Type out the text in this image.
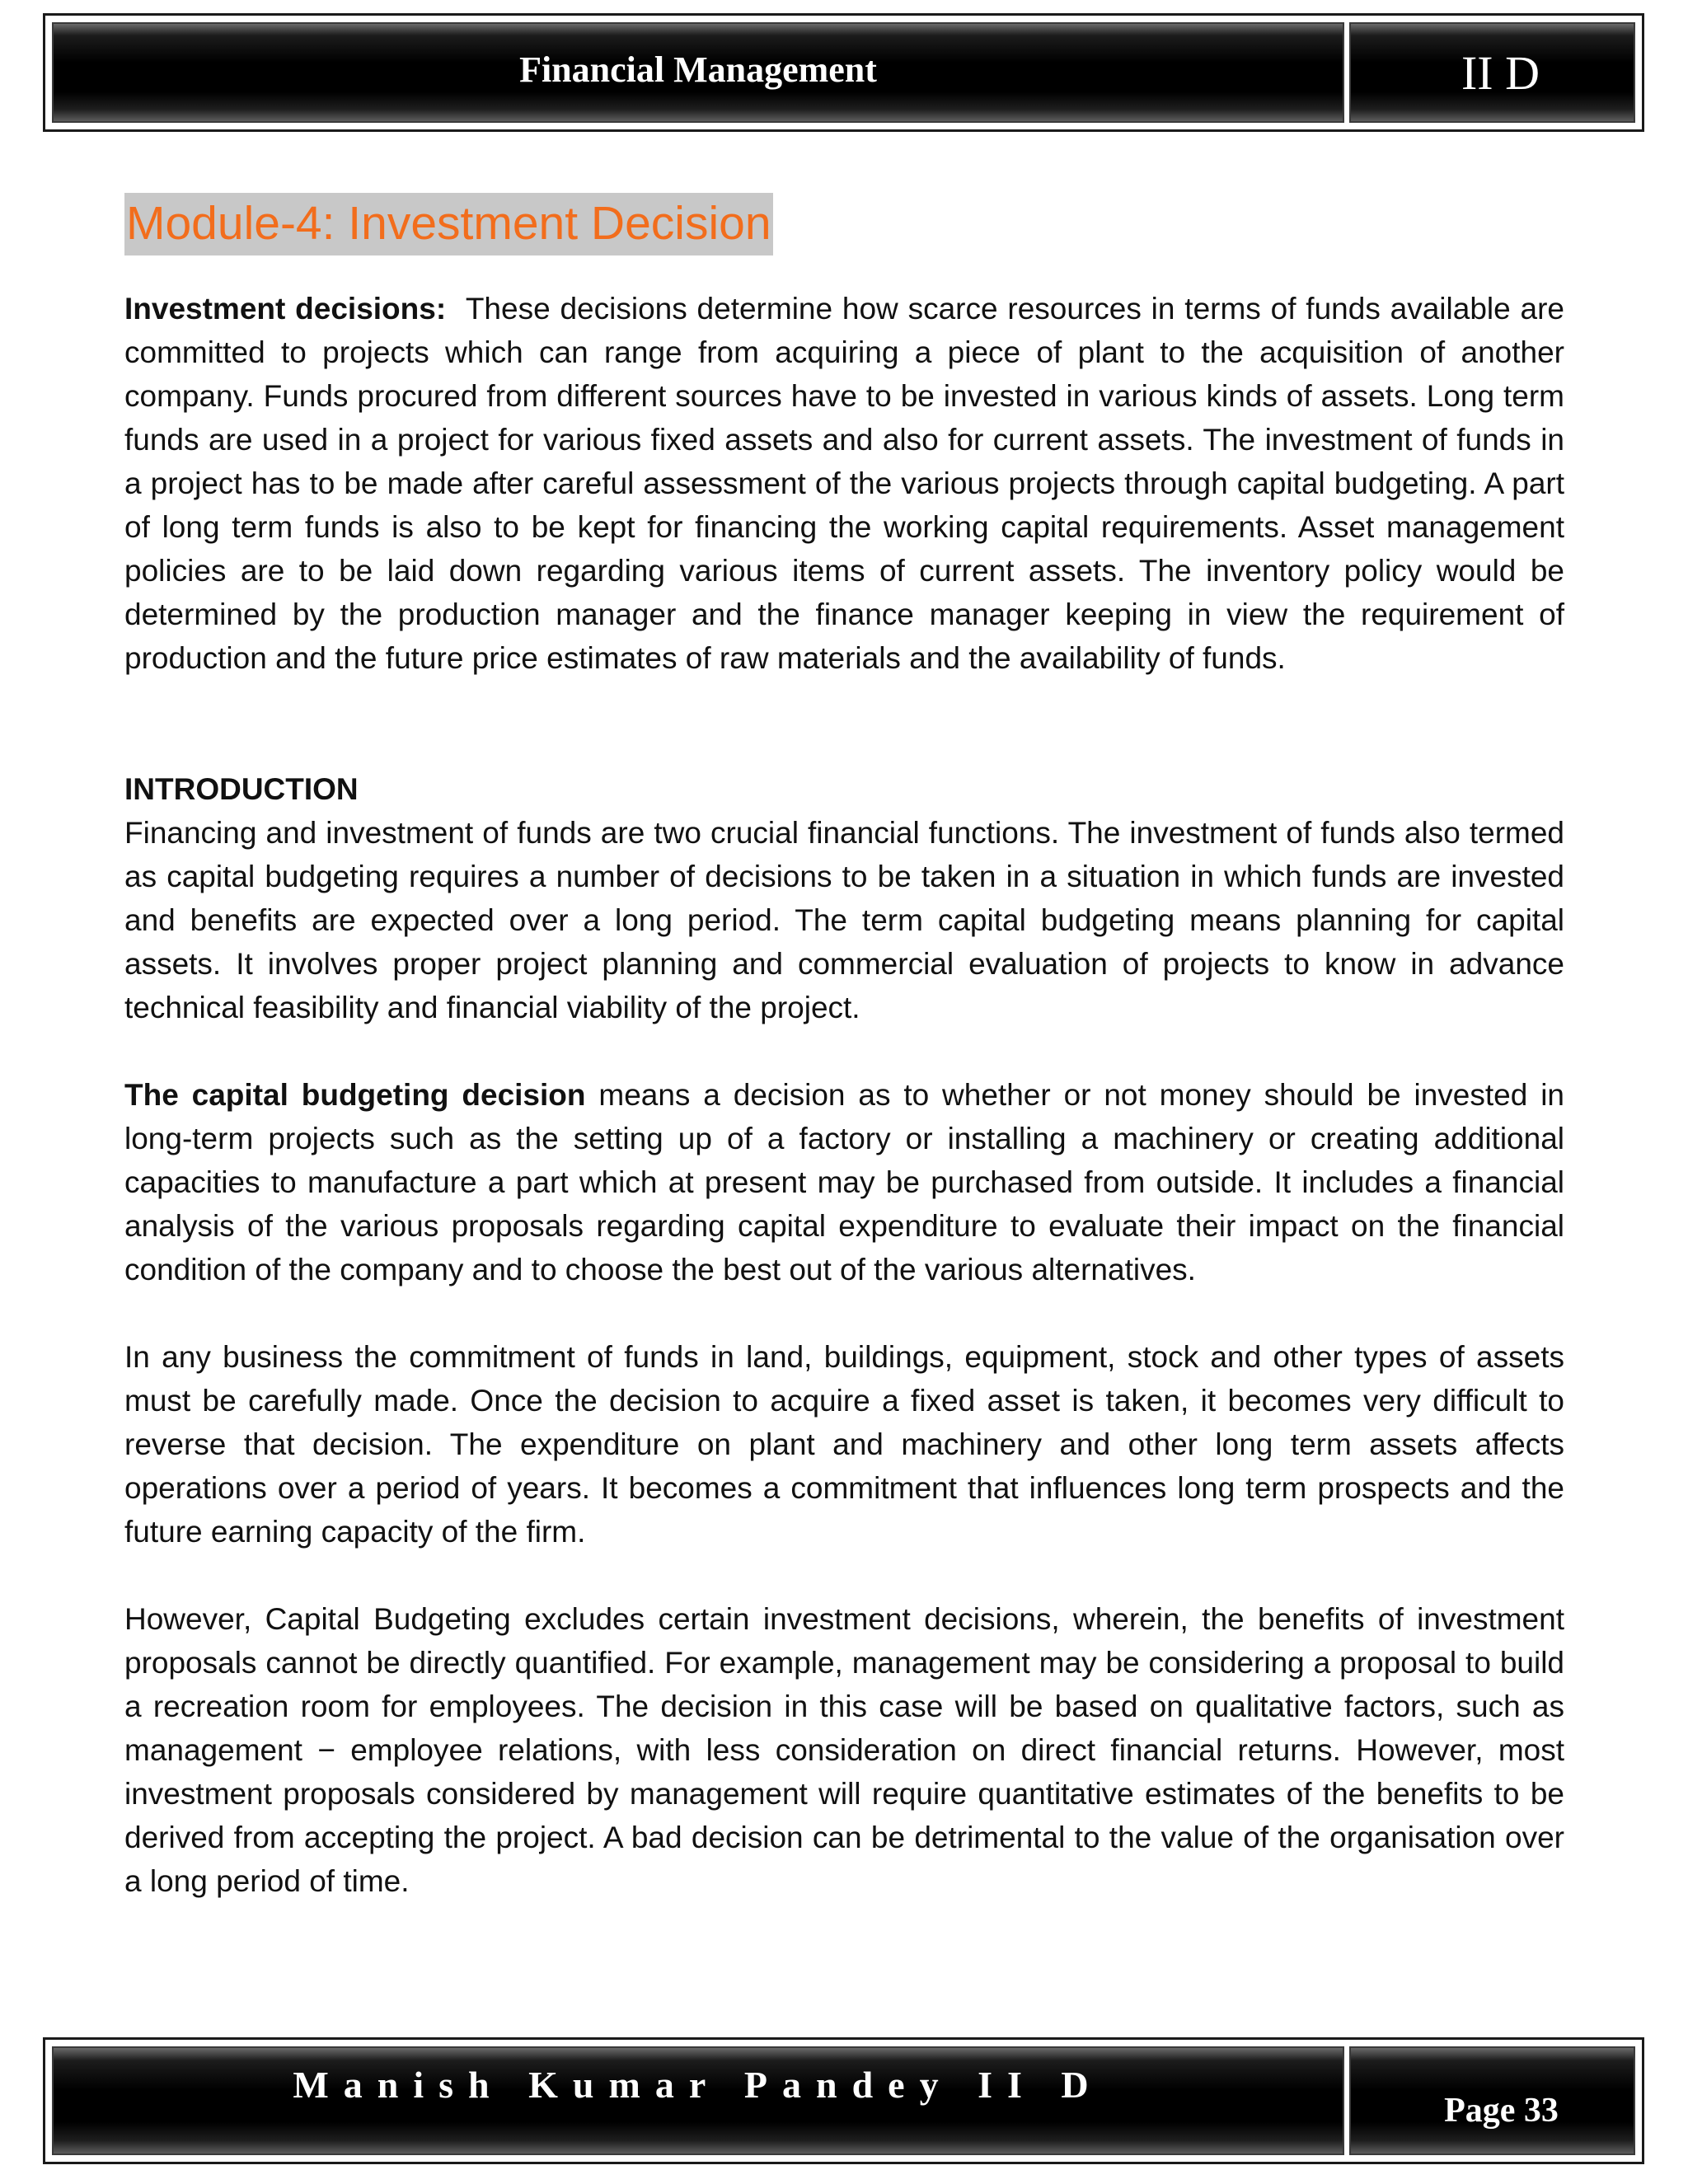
Financial Management	II D
Module-4: Investment Decision

Investment decisions: These decisions determine how scarce resources in terms of funds available are committed to projects which can range from acquiring a piece of plant to the acquisition of another company. Funds procured from different sources have to be invested in various kinds of assets. Long term funds are used in a project for various fixed assets and also for current assets. The investment of funds in a project has to be made after careful assessment of the various projects through capital budgeting. A part of long term funds is also to be kept for financing the working capital requirements. Asset management policies are to be laid down regarding various items of current assets. The inventory policy would be determined by the production manager and the finance manager keeping in view the requirement of production and the future price estimates of raw materials and the availability of funds.

INTRODUCTION

Financing and investment of funds are two crucial financial functions. The investment of funds also termed as capital budgeting requires a number of decisions to be taken in a situation in which funds are invested and benefits are expected over a long period. The term capital budgeting means planning for capital assets. It involves proper project planning and commercial evaluation of projects to know in advance technical feasibility and financial viability of the project.

The capital budgeting decision means a decision as to whether or not money should be invested in long-term projects such as the setting up of a factory or installing a machinery or creating additional capacities to manufacture a part which at present may be purchased from outside. It includes a financial analysis of the various proposals regarding capital expenditure to evaluate their impact on the financial condition of the company and to choose the best out of the various alternatives.

In any business the commitment of funds in land, buildings, equipment, stock and other types of assets must be carefully made. Once the decision to acquire a fixed asset is taken, it becomes very difficult to reverse that decision. The expenditure on plant and machinery and other long term assets affects operations over a period of years. It becomes a commitment that influences long term prospects and the future earning capacity of the firm.

However, Capital Budgeting excludes certain investment decisions, wherein, the benefits of investment proposals cannot be directly quantified. For example, management may be considering a proposal to build a recreation room for employees. The decision in this case will be based on qualitative factors, such as management − employee relations, with less consideration on direct financial returns. However, most investment proposals considered by management will require quantitative estimates of the benefits to be derived from accepting the project. A bad decision can be detrimental to the value of the organisation over a long period of time.

Manish Kumar Pandey II D
Page 33
